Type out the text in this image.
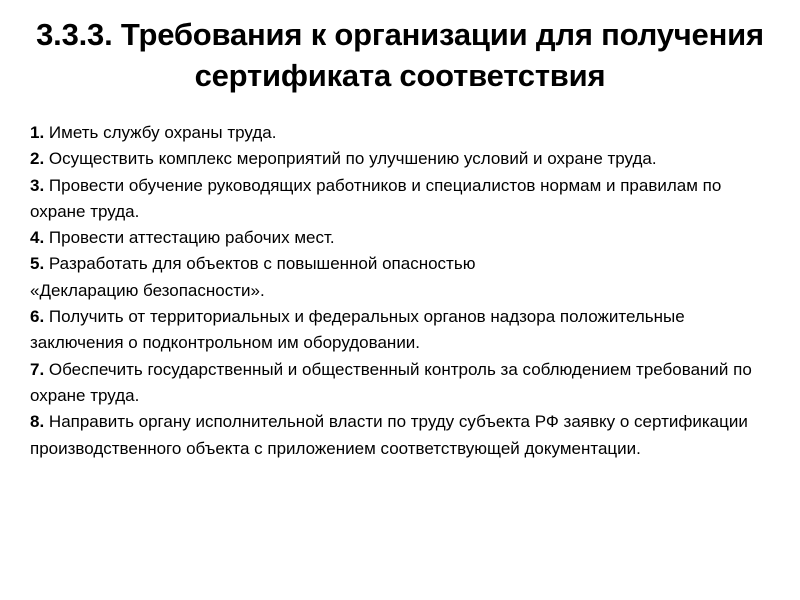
3.3.3. Требования к организации для получения
сертификата соответствия
1. Иметь службу охраны труда.
2. Осуществить комплекс мероприятий по улучшению условий и охране труда.
3. Провести обучение руководящих работников и специалистов нормам и правилам по охране труда.
4. Провести аттестацию рабочих мест.
5. Разработать для объектов с повышенной опасностью
«Декларацию безопасности».
6. Получить от территориальных и федеральных органов надзора положительные заключения о подконтрольном им оборудовании.
7. Обеспечить государственный и общественный контроль за соблюдением требований по охране труда.
8. Направить органу исполнительной власти по труду субъекта РФ заявку о сертификации производственного объекта с приложением соответствующей документации.
